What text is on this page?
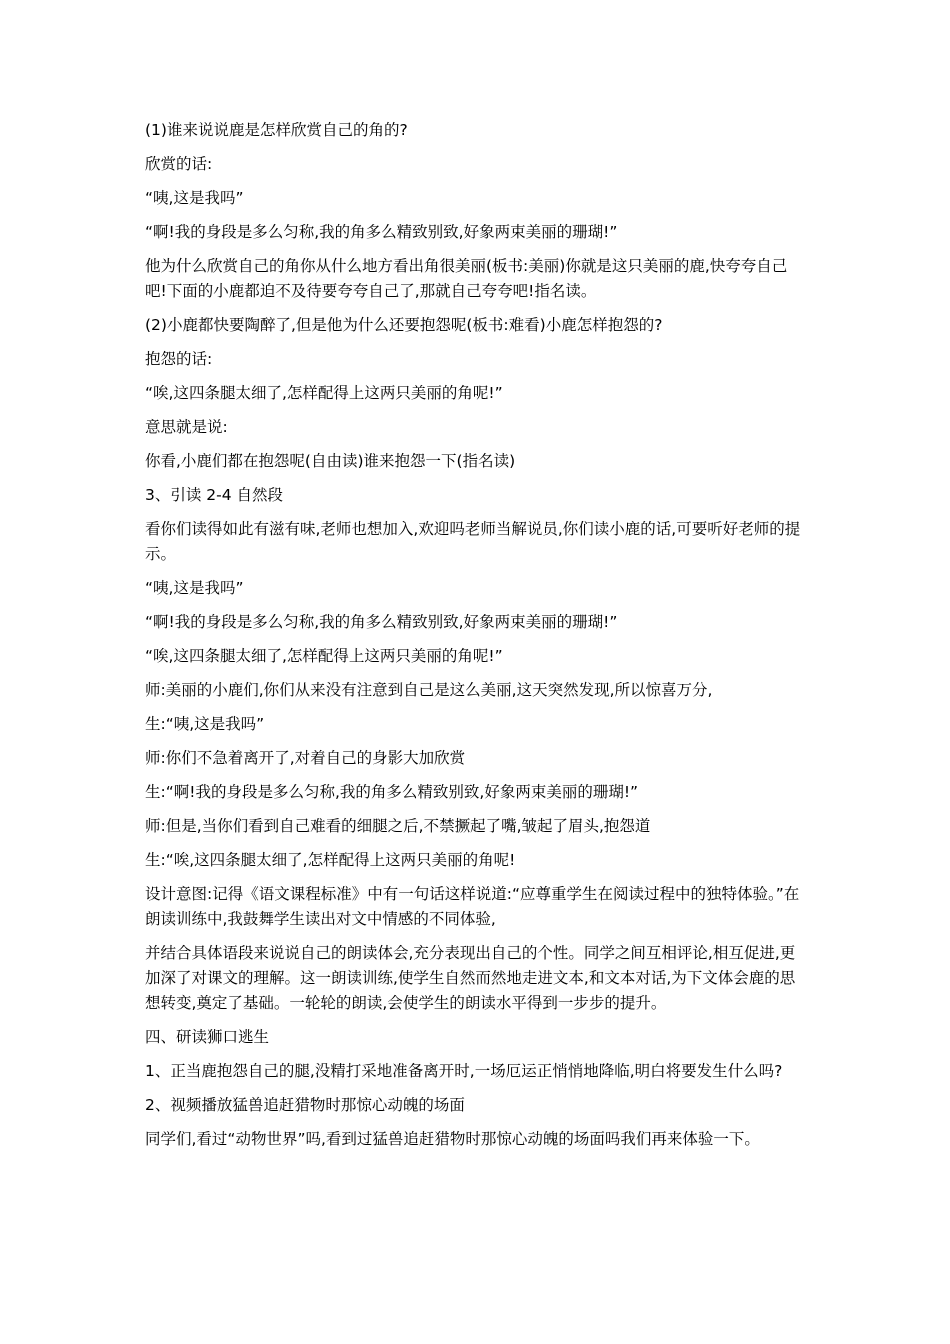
(1)谁来说说鹿是怎样欣赏自己的角的?

欣赏的话:

“咦,这是我吗”

“啊!我的身段是多么匀称,我的角多么精致别致,好象两束美丽的珊瑚!”

他为什么欣赏自己的角你从什么地方看出角很美丽(板书:美丽)你就是这只美丽的鹿,快夸夸自己吧!下面的小鹿都迫不及待要夸夸自己了,那就自己夸夸吧!指名读。

(2)小鹿都快要陶醉了,但是他为什么还要抱怨呢(板书:难看)小鹿怎样抱怨的?

抱怨的话:

“唉,这四条腿太细了,怎样配得上这两只美丽的角呢!”

意思就是说:

你看,小鹿们都在抱怨呢(自由读)谁来抱怨一下(指名读)

3、引读 2-4 自然段

看你们读得如此有滋有味,老师也想加入,欢迎吗老师当解说员,你们读小鹿的话,可要听好老师的提示。

“咦,这是我吗”

“啊!我的身段是多么匀称,我的角多么精致别致,好象两束美丽的珊瑚!”

“唉,这四条腿太细了,怎样配得上这两只美丽的角呢!”

师:美丽的小鹿们,你们从来没有注意到自己是这么美丽,这天突然发现,所以惊喜万分,

生:“咦,这是我吗”

师:你们不急着离开了,对着自己的身影大加欣赏

生:“啊!我的身段是多么匀称,我的角多么精致别致,好象两束美丽的珊瑚!”

师:但是,当你们看到自己难看的细腿之后,不禁撅起了嘴,皱起了眉头,抱怨道

生:“唉,这四条腿太细了,怎样配得上这两只美丽的角呢!

设计意图:记得《语文课程标准》中有一句话这样说道:“应尊重学生在阅读过程中的独特体验。”在朗读训练中,我鼓舞学生读出对文中情感的不同体验,

并结合具体语段来说说自己的朗读体会,充分表现出自己的个性。同学之间互相评论,相互促进,更加深了对课文的理解。这一朗读训练,使学生自然而然地走进文本,和文本对话,为下文体会鹿的思想转变,奠定了基础。一轮轮的朗读,会使学生的朗读水平得到一步步的提升。

四、研读狮口逃生

1、正当鹿抱怨自己的腿,没精打采地准备离开时,一场厄运正悄悄地降临,明白将要发生什么吗?

2、视频播放猛兽追赶猎物时那惊心动魄的场面

同学们,看过“动物世界”吗,看到过猛兽追赶猎物时那惊心动魄的场面吗我们再来体验一下。
